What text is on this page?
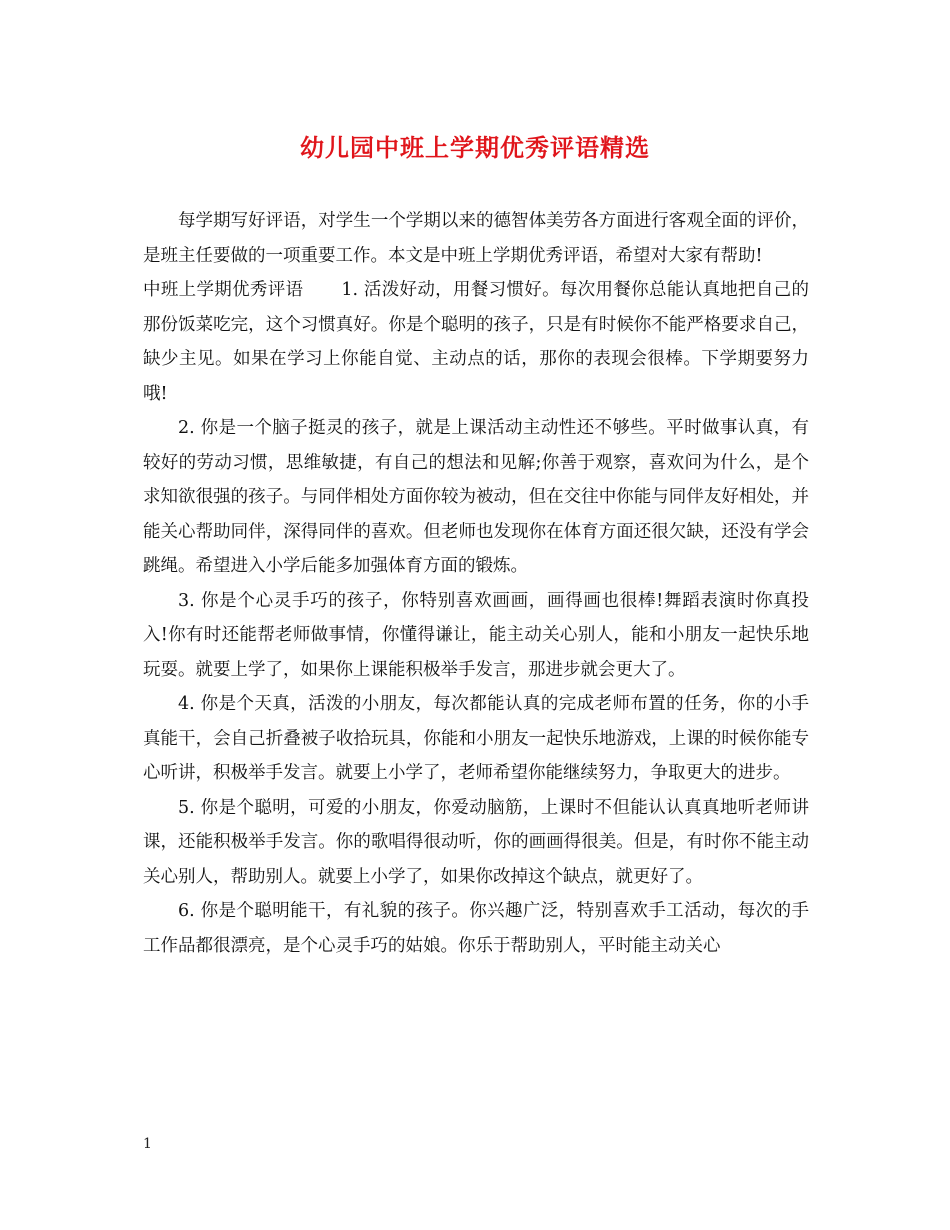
幼儿园中班上学期优秀评语精选

每学期写好评语，对学生一个学期以来的德智体美劳各方面进行客观全面的评价，是班主任要做的一项重要工作。本文是中班上学期优秀评语，希望对大家有帮助!

中班上学期优秀评语 1. 活泼好动，用餐习惯好。每次用餐你总能认真地把自己的那份饭菜吃完，这个习惯真好。你是个聪明的孩子，只是有时候你不能严格要求自己，缺少主见。如果在学习上你能自觉、主动点的话，那你的表现会很棒。下学期要努力哦!

2. 你是一个脑子挺灵的孩子，就是上课活动主动性还不够些。平时做事认真，有较好的劳动习惯，思维敏捷，有自己的想法和见解;你善于观察，喜欢问为什么，是个求知欲很强的孩子。与同伴相处方面你较为被动，但在交往中你能与同伴友好相处，并能关心帮助同伴，深得同伴的喜欢。但老师也发现你在体育方面还很欠缺，还没有学会跳绳。希望进入小学后能多加强体育方面的锻炼。

3. 你是个心灵手巧的孩子，你特别喜欢画画，画得画也很棒!舞蹈表演时你真投入!你有时还能帮老师做事情，你懂得谦让，能主动关心别人，能和小朋友一起快乐地玩耍。就要上学了，如果你上课能积极举手发言，那进步就会更大了。

4. 你是个天真，活泼的小朋友，每次都能认真的完成老师布置的任务，你的小手真能干，会自己折叠被子收拾玩具，你能和小朋友一起快乐地游戏，上课的时候你能专心听讲，积极举手发言。就要上小学了，老师希望你能继续努力，争取更大的进步。

5. 你是个聪明，可爱的小朋友，你爱动脑筋，上课时不但能认认真真地听老师讲课，还能积极举手发言。你的歌唱得很动听，你的画画得很美。但是，有时你不能主动关心别人，帮助别人。就要上小学了，如果你改掉这个缺点，就更好了。

6. 你是个聪明能干，有礼貌的孩子。你兴趣广泛，特别喜欢手工活动，每次的手工作品都很漂亮，是个心灵手巧的姑娘。你乐于帮助别人，平时能主动关心

1
